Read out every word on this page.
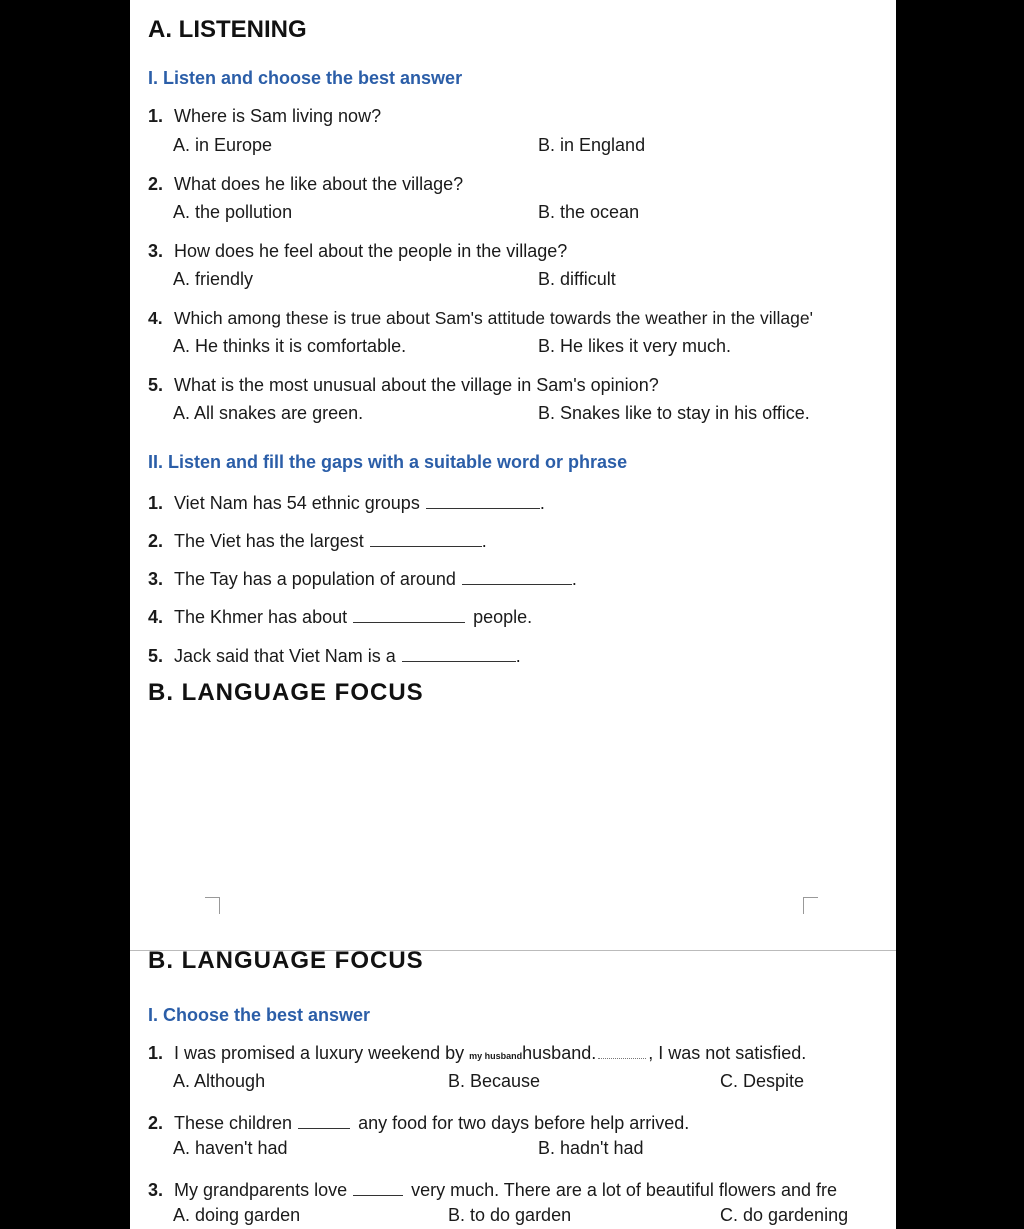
A. LISTENING
I. Listen and choose the best answer
1. Where is Sam living now?
A. in Europe	B. in England
2. What does he like about the village?
A. the pollution	B. the ocean
3. How does he feel about the people in the village?
A. friendly	B. difficult
4. Which among these is true about Sam's attitude towards the weather in the village'
A. He thinks it is comfortable.	B. He likes it very much.
5. What is the most unusual about the village in Sam's opinion?
A. All snakes are green.	B. Snakes like to stay in his office.
II. Listen and fill the gaps with a suitable word or phrase
1. Viet Nam has 54 ethnic groups	.
2. The Viet has the largest	.
3. The Tay has a population of around	.
4. The Khmer has about	people.
5. Jack said that Viet Nam is a	.
B. LANGUAGE FOCUS
B. LANGUAGE FOCUS
I. Choose the best answer
1. I was promised a luxury weekend by my husbandhusband.	, I was not satisfied.
A. Although	B. Because	C. Despite
2. These children	any food for two days before help arrived.
A. haven't had	B. hadn't had
3. My grandparents love	very much. There are a lot of beautiful flowers and fre
A. doing garden	B. to do garden	C. do gardening
